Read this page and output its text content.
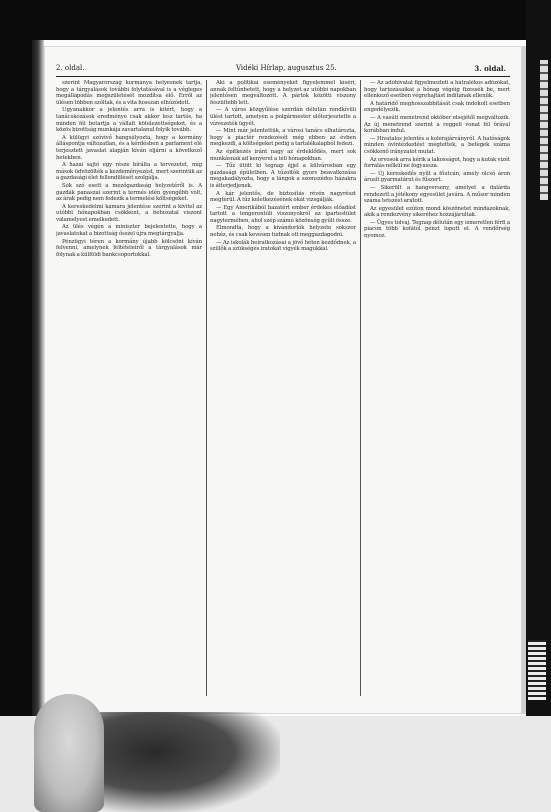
2. oldal.	Vidéki Hírlap, augusztus 25.	3. oldal.

szerint Magyarország kormánya helyesnek tartja, hogy a tárgyalások további folytatásával is a végleges megállapodás megszületését mozdítsa elő. Erről az ülésen többen szóltak, és a vita hosszan elhúzódott.

Ugyanakkor a jelentés arra is kitért, hogy a tanácskozások eredménye csak akkor lesz tartós, ha minden fél betartja a vállalt kötelezettségeket, és a közös bizottság munkája zavartalanul folyik tovább.

A külügyi szóvivő hangsúlyozta, hogy a kormány álláspontja változatlan, és a kérdésben a parlament elé terjesztett javaslat alapján kíván eljárni a következő hetekben.

A hazai sajtó egy része bírálta a tervezetet, míg mások üdvözölték a kezdeményezést, mert szerintük az a gazdasági élet fellendülését szolgálja.

Sok szó esett a mezőgazdaság helyzetéről is. A gazdák panaszai szerint a termés idén gyengébb volt, az árak pedig nem fedezik a termelési költségeket.

A kereskedelmi kamara jelentése szerint a kivitel az utóbbi hónapokban csökkent, a behozatal viszont valamelyest emelkedett.

Az ülés végén a miniszter bejelentette, hogy a javaslatokat a bizottság ősszel újra megtárgyalja.

Pénzügyi téren a kormány újabb kölcsönt kíván felvenni, amelynek feltételeiről a tárgyalások már folynak a külföldi bankcsoportokkal.

Aki a politikai eseményeket figyelemmel kíséri, annak feltűnhetett, hogy a helyzet az utóbbi napokban jelentősen megváltozott. A pártok közötti viszony feszültebb lett.

— A város közgyűlése szerdán délután rendkívüli ülést tartott, amelyen a polgármester előterjesztette a vízvezeték ügyét.

— Mint már jelentettük, a városi tanács elhatározta, hogy a piactér rendezését még ebben az évben megkezdi, a költségeket pedig a tartalékalapból fedezi.

Az építkezés iránt nagy az érdeklődés, mert sok munkásnak ad kenyeret a téli hónapokban.

— Tűz ütött ki tegnap éjjel a külvárosban egy gazdasági épületben. A tűzoltók gyors beavatkozása megakadályozta, hogy a lángok a szomszédos házakra is átterjedjenek.

A kár jelentős, de biztosítás révén nagyrészt megtérül. A tűz keletkezésének okát vizsgálják.

— Egy Amerikából hazatért ember érdekes előadást tartott a tengerentúli viszonyokról az ipartestület nagytermében, ahol szép számú közönség gyűlt össze.

Elmondta, hogy a kivándorlók helyzete sokszor nehéz, és csak kevesen tudnak ott meggazdagodni.

— Az iskolák beiratkozásai a jövő héten kezdődnek, a szülők a szükséges iratokat vigyék magukkal.

— Az adóhivatal figyelmezteti a hátralékos adózókat, hogy tartozásaikat a hónap végéig fizessék be, mert ellenkező esetben végrehajtást indítanak ellenük.

A határidő meghosszabbítását csak indokolt esetben engedélyezik.

— A vasúti menetrend október elsejétől megváltozik. Az új menetrend szerint a reggeli vonat fél órával korábban indul.

— Hivatalos jelentés a kolerajárványról. A hatóságok minden óvintézkedést megtettek, a betegek száma csökkenő irányzatot mutat.

Az orvosok arra kérik a lakosságot, hogy a kutak vizét forralás nélkül ne fogyassza.

— Új kereskedés nyílt a főutcán, amely olcsó áron árusít gyarmatárut és fűszert.

— Sikerült a hangverseny, amelyet a dalárda rendezett a jótékony egyesület javára. A műsor minden száma tetszést aratott.

Az egyesület ezúton mond köszönetet mindazoknak, akik a rendezvény sikeréhez hozzájárultak.

— Ügyes tolvaj. Tegnap délután egy ismeretlen férfi a piacon több kofától pénzt lopott el. A rendőrség nyomoz.
